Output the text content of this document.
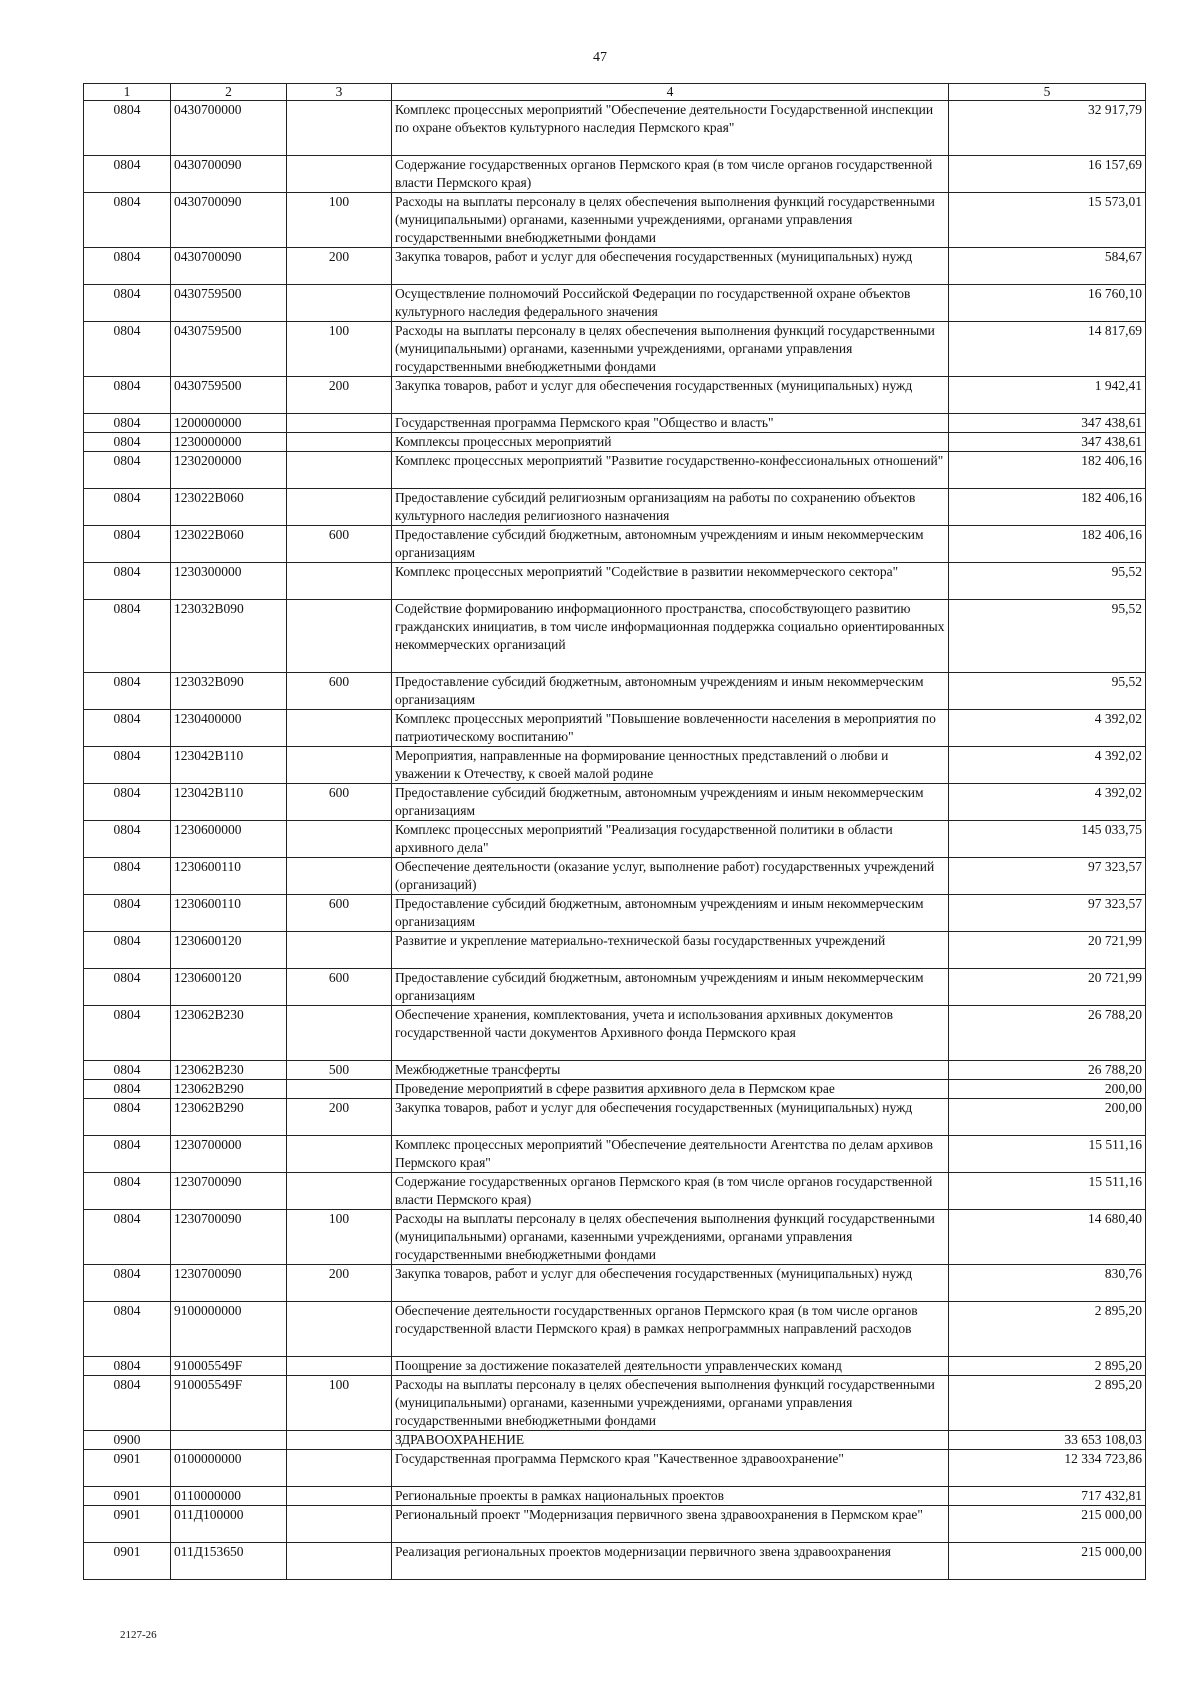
47
1	2	3	4	5
0804	0430700000		Комплекс процессных мероприятий "Обеспечение деятельности Государственной инспекции по охране объектов культурного наследия Пермского края"	32 917,79
0804	0430700090		Содержание государственных органов Пермского края (в том числе органов государственной власти Пермского края)	16 157,69
0804	0430700090	100	Расходы на выплаты персоналу в целях обеспечения выполнения функций государственными (муниципальными) органами, казенными учреждениями, органами управления государственными внебюджетными фондами	15 573,01
0804	0430700090	200	Закупка товаров, работ и услуг для обеспечения государственных (муниципальных) нужд	584,67
0804	0430759500		Осуществление полномочий Российской Федерации по государственной охране объектов культурного наследия федерального значения	16 760,10
0804	0430759500	100	Расходы на выплаты персоналу в целях обеспечения выполнения функций государственными (муниципальными) органами, казенными учреждениями, органами управления государственными внебюджетными фондами	14 817,69
0804	0430759500	200	Закупка товаров, работ и услуг для обеспечения государственных (муниципальных) нужд	1 942,41
0804	1200000000		Государственная программа Пермского края "Общество и власть"	347 438,61
0804	1230000000		Комплексы процессных мероприятий	347 438,61
0804	1230200000		Комплекс процессных мероприятий "Развитие государственно-конфессиональных отношений"	182 406,16
0804	123022B060		Предоставление субсидий религиозным организациям на работы по сохранению объектов культурного наследия религиозного назначения	182 406,16
0804	123022B060	600	Предоставление субсидий бюджетным, автономным учреждениям и иным некоммерческим организациям	182 406,16
0804	1230300000		Комплекс процессных мероприятий "Содействие в развитии некоммерческого сектора"	95,52
0804	123032B090		Содействие формированию информационного пространства, способствующего развитию гражданских инициатив, в том числе информационная поддержка социально ориентированных некоммерческих организаций	95,52
0804	123032B090	600	Предоставление субсидий бюджетным, автономным учреждениям и иным некоммерческим организациям	95,52
0804	1230400000		Комплекс процессных мероприятий "Повышение вовлеченности населения в мероприятия по патриотическому воспитанию"	4 392,02
0804	123042B110		Мероприятия, направленные на формирование ценностных представлений о любви и уважении к Отечеству, к своей малой родине	4 392,02
0804	123042B110	600	Предоставление субсидий бюджетным, автономным учреждениям и иным некоммерческим организациям	4 392,02
0804	1230600000		Комплекс процессных мероприятий "Реализация государственной политики в области архивного дела"	145 033,75
0804	1230600110		Обеспечение деятельности (оказание услуг, выполнение работ) государственных учреждений (организаций)	97 323,57
0804	1230600110	600	Предоставление субсидий бюджетным, автономным учреждениям и иным некоммерческим организациям	97 323,57
0804	1230600120		Развитие и укрепление материально-технической базы государственных учреждений	20 721,99
0804	1230600120	600	Предоставление субсидий бюджетным, автономным учреждениям и иным некоммерческим организациям	20 721,99
0804	123062B230		Обеспечение хранения, комплектования, учета и использования архивных документов государственной части документов Архивного фонда Пермского края	26 788,20
0804	123062B230	500	Межбюджетные трансферты	26 788,20
0804	123062B290		Проведение мероприятий в сфере развития архивного дела в Пермском крае	200,00
0804	123062B290	200	Закупка товаров, работ и услуг для обеспечения государственных (муниципальных) нужд	200,00
0804	1230700000		Комплекс процессных мероприятий "Обеспечение деятельности Агентства по делам архивов Пермского края"	15 511,16
0804	1230700090		Содержание государственных органов Пермского края (в том числе органов государственной власти Пермского края)	15 511,16
0804	1230700090	100	Расходы на выплаты персоналу в целях обеспечения выполнения функций государственными (муниципальными) органами, казенными учреждениями, органами управления государственными внебюджетными фондами	14 680,40
0804	1230700090	200	Закупка товаров, работ и услуг для обеспечения государственных (муниципальных) нужд	830,76
0804	9100000000		Обеспечение деятельности государственных органов Пермского края (в том числе органов государственной власти Пермского края) в рамках непрограммных направлений расходов	2 895,20
0804	910005549F		Поощрение за достижение показателей деятельности управленческих команд	2 895,20
0804	910005549F	100	Расходы на выплаты персоналу в целях обеспечения выполнения функций государственными (муниципальными) органами, казенными учреждениями, органами управления государственными внебюджетными фондами	2 895,20
0900			ЗДРАВООХРАНЕНИЕ	33 653 108,03
0901	0100000000		Государственная программа Пермского края "Качественное здравоохранение"	12 334 723,86
0901	0110000000		Региональные проекты в рамках национальных проектов	717 432,81
0901	011Д100000		Региональный проект "Модернизация первичного звена здравоохранения в Пермском крае"	215 000,00
0901	011Д153650		Реализация региональных проектов модернизации первичного звена здравоохранения	215 000,00
2127-26
